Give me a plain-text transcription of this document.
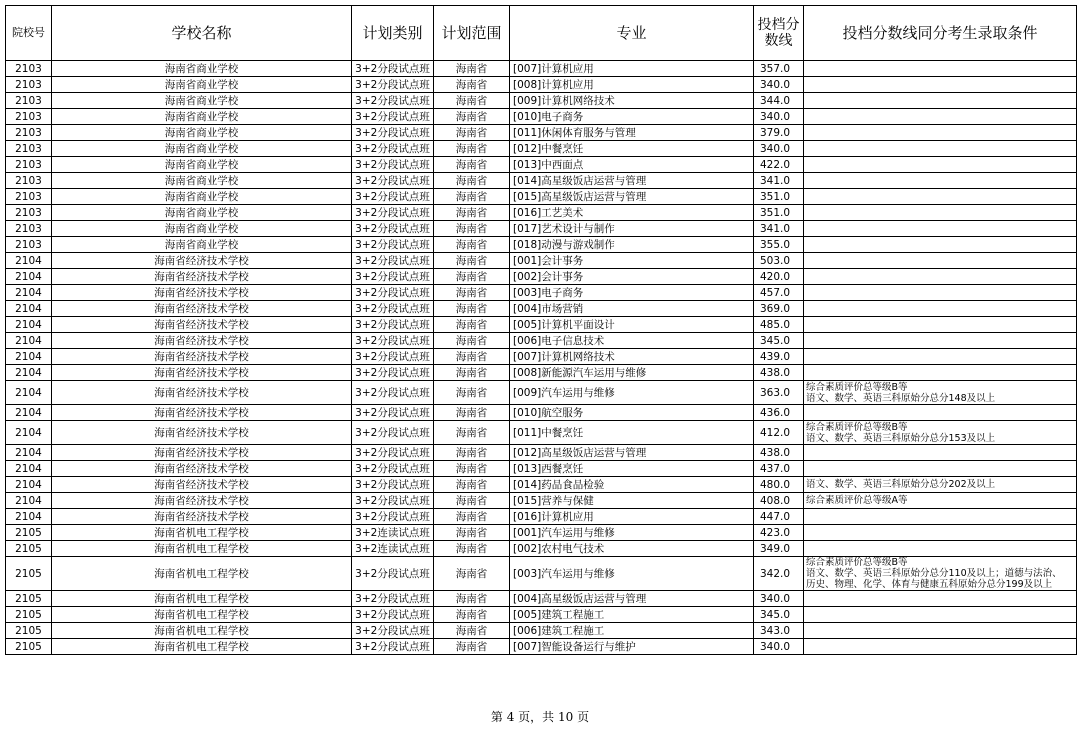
院校号	学校名称	计划类别	计划范围	专业	投档分数线	投档分数线同分考生录取条件
2103	海南省商业学校	3+2分段试点班	海南省	[007]计算机应用	357.0	
2103	海南省商业学校	3+2分段试点班	海南省	[008]计算机应用	340.0	
2103	海南省商业学校	3+2分段试点班	海南省	[009]计算机网络技术	344.0	
2103	海南省商业学校	3+2分段试点班	海南省	[010]电子商务	340.0	
2103	海南省商业学校	3+2分段试点班	海南省	[011]休闲体育服务与管理	379.0	
2103	海南省商业学校	3+2分段试点班	海南省	[012]中餐烹饪	340.0	
2103	海南省商业学校	3+2分段试点班	海南省	[013]中西面点	422.0	
2103	海南省商业学校	3+2分段试点班	海南省	[014]高星级饭店运营与管理	341.0	
2103	海南省商业学校	3+2分段试点班	海南省	[015]高星级饭店运营与管理	351.0	
2103	海南省商业学校	3+2分段试点班	海南省	[016]工艺美术	351.0	
2103	海南省商业学校	3+2分段试点班	海南省	[017]艺术设计与制作	341.0	
2103	海南省商业学校	3+2分段试点班	海南省	[018]动漫与游戏制作	355.0	
2104	海南省经济技术学校	3+2分段试点班	海南省	[001]会计事务	503.0	
2104	海南省经济技术学校	3+2分段试点班	海南省	[002]会计事务	420.0	
2104	海南省经济技术学校	3+2分段试点班	海南省	[003]电子商务	457.0	
2104	海南省经济技术学校	3+2分段试点班	海南省	[004]市场营销	369.0	
2104	海南省经济技术学校	3+2分段试点班	海南省	[005]计算机平面设计	485.0	
2104	海南省经济技术学校	3+2分段试点班	海南省	[006]电子信息技术	345.0	
2104	海南省经济技术学校	3+2分段试点班	海南省	[007]计算机网络技术	439.0	
2104	海南省经济技术学校	3+2分段试点班	海南省	[008]新能源汽车运用与维修	438.0	
2104	海南省经济技术学校	3+2分段试点班	海南省	[009]汽车运用与维修	363.0	综合素质评价总等级B等
语文、数学、英语三科原始分总分148及以上

2104	海南省经济技术学校	3+2分段试点班	海南省	[010]航空服务	436.0	
2104	海南省经济技术学校	3+2分段试点班	海南省	[011]中餐烹饪	412.0	综合素质评价总等级B等
语文、数学、英语三科原始分总分153及以上

2104	海南省经济技术学校	3+2分段试点班	海南省	[012]高星级饭店运营与管理	438.0	
2104	海南省经济技术学校	3+2分段试点班	海南省	[013]西餐烹饪	437.0	
2104	海南省经济技术学校	3+2分段试点班	海南省	[014]药品食品检验	480.0	语文、数学、英语三科原始分总分202及以上

2104	海南省经济技术学校	3+2分段试点班	海南省	[015]营养与保健	408.0	综合素质评价总等级A等

2104	海南省经济技术学校	3+2分段试点班	海南省	[016]计算机应用	447.0	
2105	海南省机电工程学校	3+2连读试点班	海南省	[001]汽车运用与维修	423.0	
2105	海南省机电工程学校	3+2连读试点班	海南省	[002]农村电气技术	349.0	
2105	海南省机电工程学校	3+2分段试点班	海南省	[003]汽车运用与维修	342.0	综合素质评价总等级B等
语文、数学、英语三科原始分总分110及以上；道德与法治、
历史、物理、化学、体育与健康五科原始分总分199及以上

2105	海南省机电工程学校	3+2分段试点班	海南省	[004]高星级饭店运营与管理	340.0	
2105	海南省机电工程学校	3+2分段试点班	海南省	[005]建筑工程施工	345.0	
2105	海南省机电工程学校	3+2分段试点班	海南省	[006]建筑工程施工	343.0	
2105	海南省机电工程学校	3+2分段试点班	海南省	[007]智能设备运行与维护	340.0	
第 4 页，共 10 页
